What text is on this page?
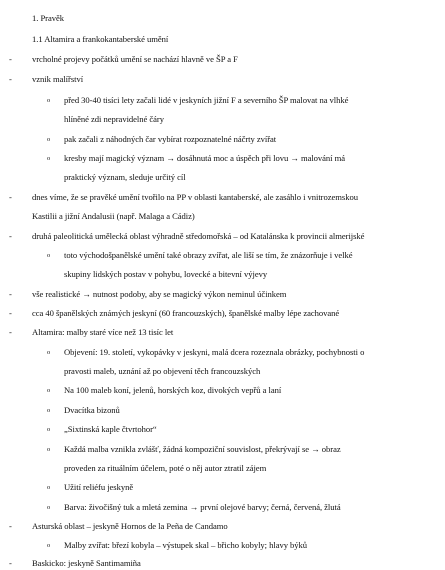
1. Pravěk
1.1 Altamira a frankokantaberské umění
- vrcholné projevy počátků umění se nachází hlavně ve ŠP a F
- vznik malířství
o před 30-40 tisíci lety začali lidé v jeskyních jižní F a severního ŠP malovat na vlhké
hlíněné zdi nepravidelné čáry
o pak začali z náhodných čar vybírat rozpoznatelné náčrty zvířat
o kresby mají magický význam → dosáhnutá moc a úspěch při lovu → malování má
praktický význam, sleduje určitý cíl
- dnes víme, že se pravěké umění tvořilo na PP v oblasti kantaberské, ale zasáhlo i vnitrozemskou
Kastilii a jižní Andalusii (např. Malaga a Cádiz)
- druhá paleolitická umělecká oblast výhradně středomořská – od Katalánska k provincii almerijské
o toto východošpanělské umění také obrazy zvířat, ale liší se tím, že znázorňuje i velké
skupiny lidských postav v pohybu, lovecké a bitevní výjevy
- vše realistické → nutnost podoby, aby se magický výkon neminul účinkem
- cca 40 španělských známých jeskyní (60 francouzských), španělské malby lépe zachované
- Altamira: malby staré více než 13 tisíc let
o Objevení: 19. století, vykopávky v jeskyni, malá dcera rozeznala obrázky, pochybnosti o
pravosti maleb, uznání až po objevení těch francouzských
o Na 100 maleb koní, jelenů, horských koz, divokých vepřů a laní
o Dvacítka bizonů
o „Sixtinská kaple čtvrtohor“
o Každá malba vznikla zvlášť, žádná kompoziční souvislost, překrývají se → obraz
proveden za rituálním účelem, poté o něj autor ztratil zájem
o Užití reliéfu jeskyně
o Barva: živočišný tuk a mletá zemina → první olejové barvy; černá, červená, žlutá
- Asturská oblast – jeskyně Hornos de la Peña de Candamo
o Malby zvířat: březí kobyla – výstupek skal – břicho kobyly; hlavy býků
- Baskicko: jeskyně Santimamiña
